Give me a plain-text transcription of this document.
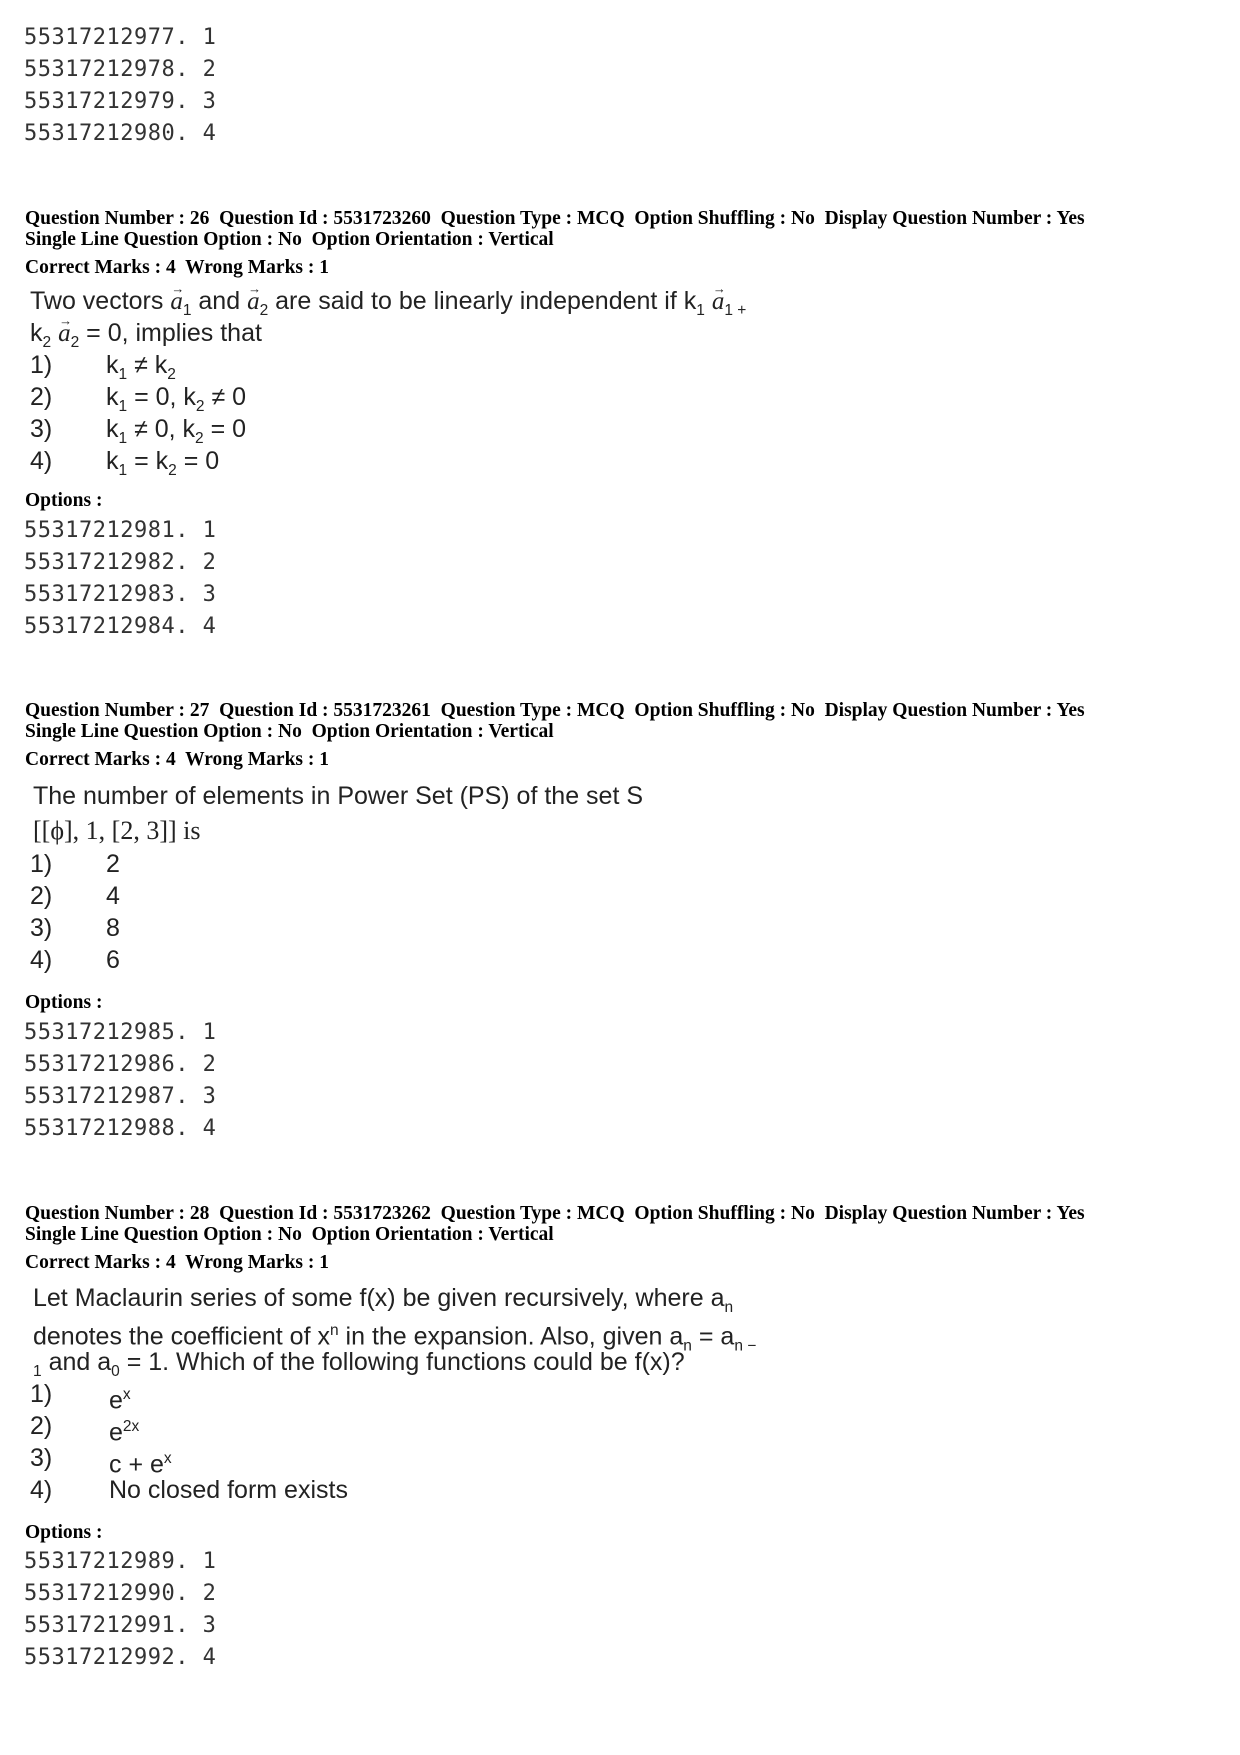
55317212977. 1
55317212978. 2
55317212979. 3
55317212980. 4
Question Number : 26  Question Id : 5531723260  Question Type : MCQ  Option Shuffling : No  Display Question Number : Yes
Single Line Question Option : No  Option Orientation : Vertical
Correct Marks : 4  Wrong Marks : 1
Two vectors → $a_1$ and → $a_2$ are said to be linearly independent if $k_1 \to a_{1 +}$
$k_2 \to a_2 = 0$, implies that
1) $k_1 \ne k_2$
2) $k_1 = 0$, $k_2 \ne 0$
3) $k_1 \ne 0$, $k_2 = 0$
4) $k_1 = k_2 = 0$
Options :
55317212981. 1
55317212982. 2
55317212983. 3
55317212984. 4
Question Number : 27  Question Id : 5531723261  Question Type : MCQ  Option Shuffling : No  Display Question Number : Yes
Single Line Question Option : No  Option Orientation : Vertical
Correct Marks : 4  Wrong Marks : 1
The number of elements in Power Set (PS) of the set S
[[ϕ], 1, [2, 3]] is
1) 2
2) 4
3) 8
4) 6
Options :
55317212985. 1
55317212986. 2
55317212987. 3
55317212988. 4
Question Number : 28  Question Id : 5531723262  Question Type : MCQ  Option Shuffling : No  Display Question Number : Yes
Single Line Question Option : No  Option Orientation : Vertical
Correct Marks : 4  Wrong Marks : 1
Let Maclaurin series of some f(x) be given recursively, where $a_n$
denotes the coefficient of $x^n$ in the expansion. Also, given $a_n = a_{n -}$
$_1$ and $a_0 = 1$. Which of the following functions could be f(x)?
1) $e^x$
2) $e^{2x}$
3) $c + e^x$
4) No closed form exists
Options :
55317212989. 1
55317212990. 2
55317212991. 3
55317212992. 4
